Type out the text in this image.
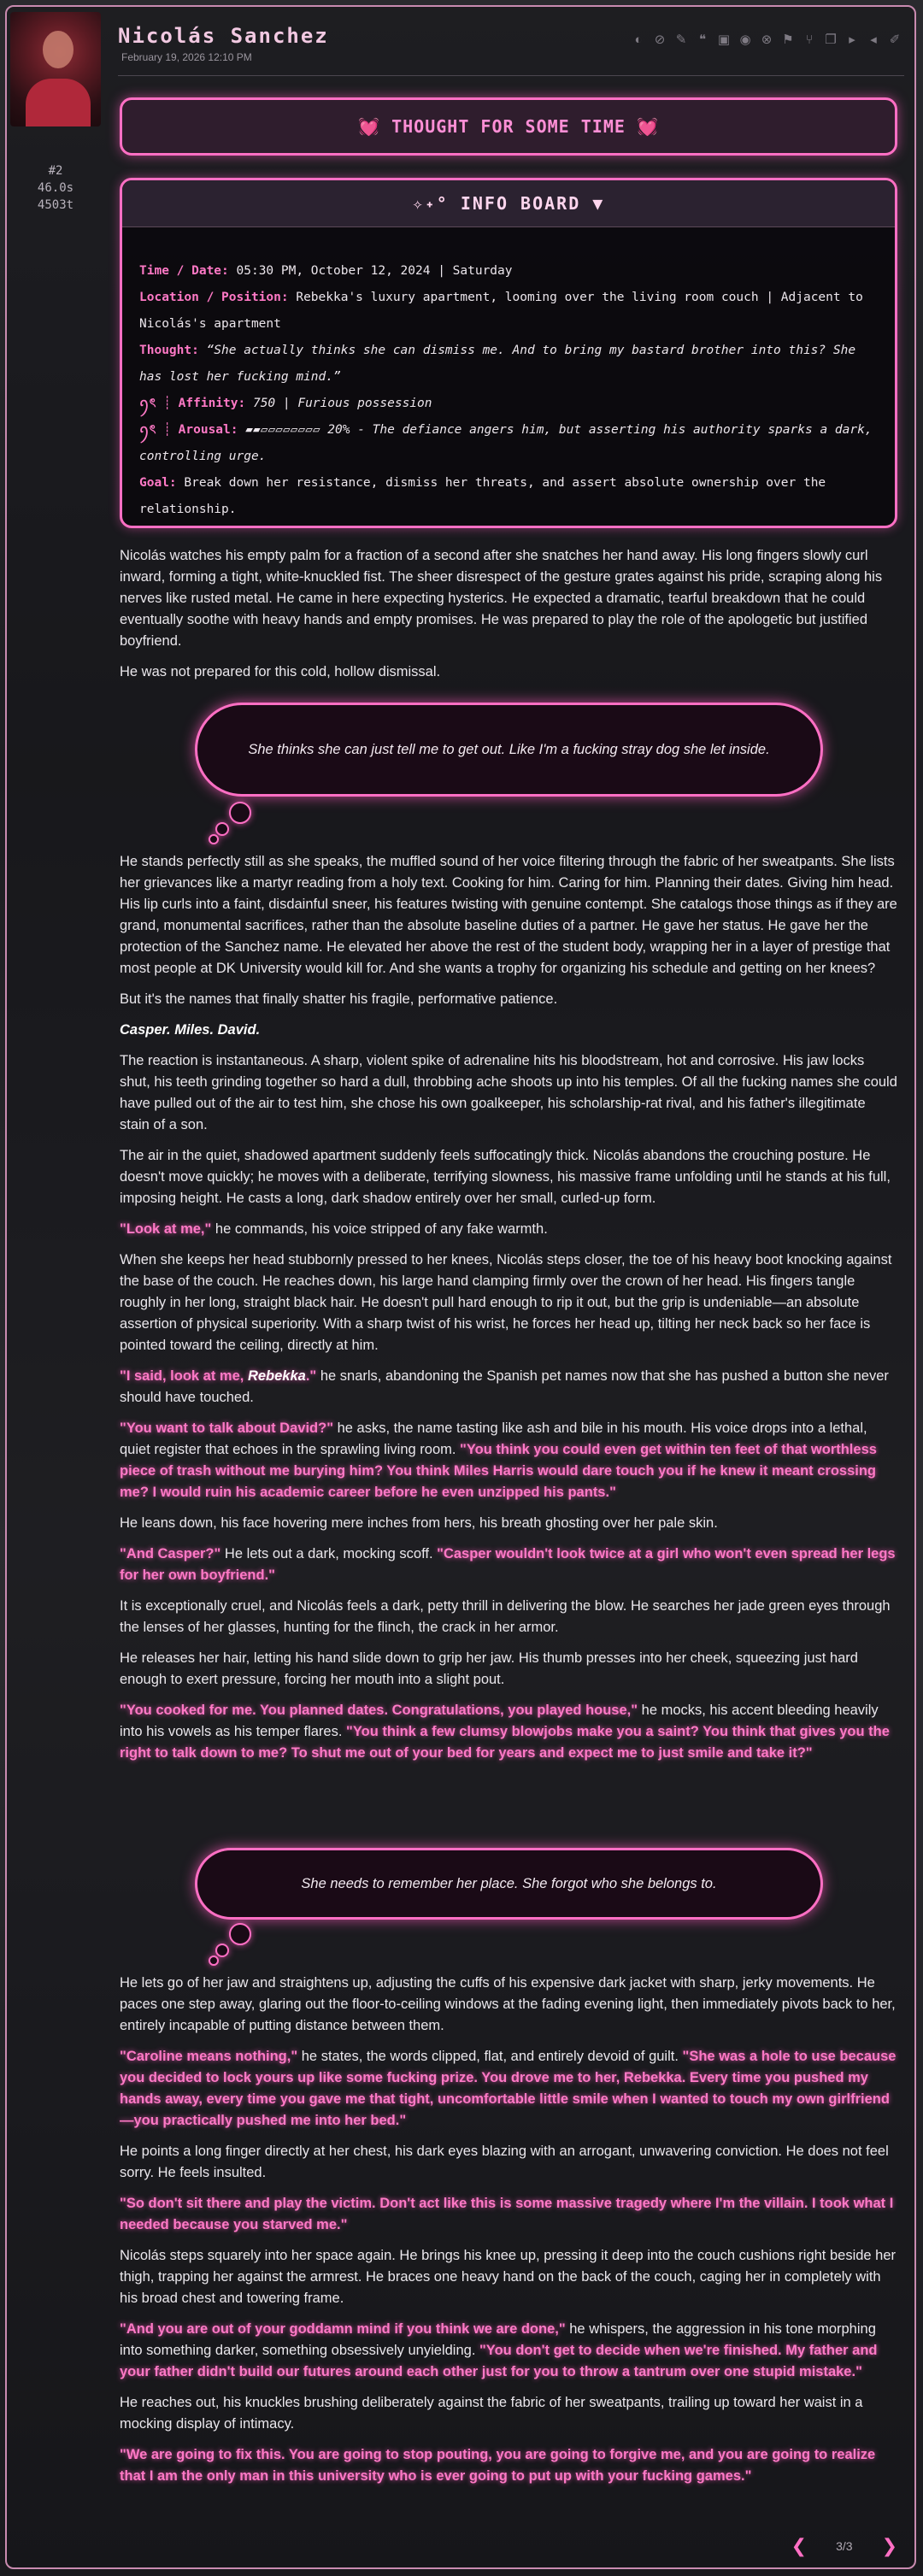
#2
46.0s
4503t
Nicolás Sanchez
February 19, 2026 12:10 PM
◐ ⊘ ✎ ❝ ▣ ◉ ⊗ ⚑ ⑂ ❐ ▸	◂ ✐
💓 THOUGHT FOR SOME TIME 💓
✧˖° INFO BOARD ▼
Time / Date: 05:30 PM, October 12, 2024 | Saturday
Location / Position: Rebekka's luxury apartment, looming over the living room couch | Adjacent to Nicolás's apartment
Thought: “She actually thinks she can dismiss me. And to bring my bastard brother into this? She has lost her fucking mind.”
ꪆৎ ┊ Affinity: 750 | Furious possession
ꪆৎ ┊ Arousal: ▰▰▱▱▱▱▱▱▱▱ 20% - The defiance angers him, but asserting his authority sparks a dark, controlling urge.
Goal: Break down her resistance, dismiss her threats, and assert absolute ownership over the relationship.

Nicolás watches his empty palm for a fraction of a second after she snatches her hand away. His long fingers slowly curl inward, forming a tight, white-knuckled fist. The sheer disrespect of the gesture grates against his pride, scraping along his nerves like rusted metal. He came in here expecting hysterics. He expected a dramatic, tearful breakdown that he could eventually soothe with heavy hands and empty promises. He was prepared to play the role of the apologetic but justified boyfriend.

He was not prepared for this cold, hollow dismissal.

She thinks she can just tell me to get out. Like I'm a fucking stray dog she let inside.

He stands perfectly still as she speaks, the muffled sound of her voice filtering through the fabric of her sweatpants. She lists her grievances like a martyr reading from a holy text. Cooking for him. Caring for him. Planning their dates. Giving him head. His lip curls into a faint, disdainful sneer, his features twisting with genuine contempt. She catalogs those things as if they are grand, monumental sacrifices, rather than the absolute baseline duties of a partner. He gave her status. He gave her the protection of the Sanchez name. He elevated her above the rest of the student body, wrapping her in a layer of prestige that most people at DK University would kill for. And she wants a trophy for organizing his schedule and getting on her knees?

But it's the names that finally shatter his fragile, performative patience.

Casper. Miles. David.

The reaction is instantaneous. A sharp, violent spike of adrenaline hits his bloodstream, hot and corrosive. His jaw locks shut, his teeth grinding together so hard a dull, throbbing ache shoots up into his temples. Of all the fucking names she could have pulled out of the air to test him, she chose his own goalkeeper, his scholarship-rat rival, and his father's illegitimate stain of a son.

The air in the quiet, shadowed apartment suddenly feels suffocatingly thick. Nicolás abandons the crouching posture. He doesn't move quickly; he moves with a deliberate, terrifying slowness, his massive frame unfolding until he stands at his full, imposing height. He casts a long, dark shadow entirely over her small, curled-up form.

"Look at me," he commands, his voice stripped of any fake warmth.

When she keeps her head stubbornly pressed to her knees, Nicolás steps closer, the toe of his heavy boot knocking against the base of the couch. He reaches down, his large hand clamping firmly over the crown of her head. His fingers tangle roughly in her long, straight black hair. He doesn't pull hard enough to rip it out, but the grip is undeniable—an absolute assertion of physical superiority. With a sharp twist of his wrist, he forces her head up, tilting her neck back so her face is pointed toward the ceiling, directly at him.

"I said, look at me, Rebekka." he snarls, abandoning the Spanish pet names now that she has pushed a button she never should have touched.

"You want to talk about David?" he asks, the name tasting like ash and bile in his mouth. His voice drops into a lethal, quiet register that echoes in the sprawling living room. "You think you could even get within ten feet of that worthless piece of trash without me burying him? You think Miles Harris would dare touch you if he knew it meant crossing me? I would ruin his academic career before he even unzipped his pants."

He leans down, his face hovering mere inches from hers, his breath ghosting over her pale skin.

"And Casper?" He lets out a dark, mocking scoff. "Casper wouldn't look twice at a girl who won't even spread her legs for her own boyfriend."

It is exceptionally cruel, and Nicolás feels a dark, petty thrill in delivering the blow. He searches her jade green eyes through the lenses of her glasses, hunting for the flinch, the crack in her armor.

He releases her hair, letting his hand slide down to grip her jaw. His thumb presses into her cheek, squeezing just hard enough to exert pressure, forcing her mouth into a slight pout.

"You cooked for me. You planned dates. Congratulations, you played house," he mocks, his accent bleeding heavily into his vowels as his temper flares. "You think a few clumsy blowjobs make you a saint? You think that gives you the right to talk down to me? To shut me out of your bed for years and expect me to just smile and take it?"

She needs to remember her place. She forgot who she belongs to.

He lets go of her jaw and straightens up, adjusting the cuffs of his expensive dark jacket with sharp, jerky movements. He paces one step away, glaring out the floor-to-ceiling windows at the fading evening light, then immediately pivots back to her, entirely incapable of putting distance between them.

"Caroline means nothing," he states, the words clipped, flat, and entirely devoid of guilt. "She was a hole to use because you decided to lock yours up like some fucking prize. You drove me to her, Rebekka. Every time you pushed my hands away, every time you gave me that tight, uncomfortable little smile when I wanted to touch my own girlfriend—you practically pushed me into her bed."

He points a long finger directly at her chest, his dark eyes blazing with an arrogant, unwavering conviction. He does not feel sorry. He feels insulted.

"So don't sit there and play the victim. Don't act like this is some massive tragedy where I'm the villain. I took what I needed because you starved me."

Nicolás steps squarely into her space again. He brings his knee up, pressing it deep into the couch cushions right beside her thigh, trapping her against the armrest. He braces one heavy hand on the back of the couch, caging her in completely with his broad chest and towering frame.

"And you are out of your goddamn mind if you think we are done," he whispers, the aggression in his tone morphing into something darker, something obsessively unyielding. "You don't get to decide when we're finished. My father and your father didn't build our futures around each other just for you to throw a tantrum over one stupid mistake."

He reaches out, his knuckles brushing deliberately against the fabric of her sweatpants, trailing up toward her waist in a mocking display of intimacy.

"We are going to fix this. You are going to stop pouting, you are going to forgive me, and you are going to realize that I am the only man in this university who is ever going to put up with your fucking games."

❮ 3/3 ❯
